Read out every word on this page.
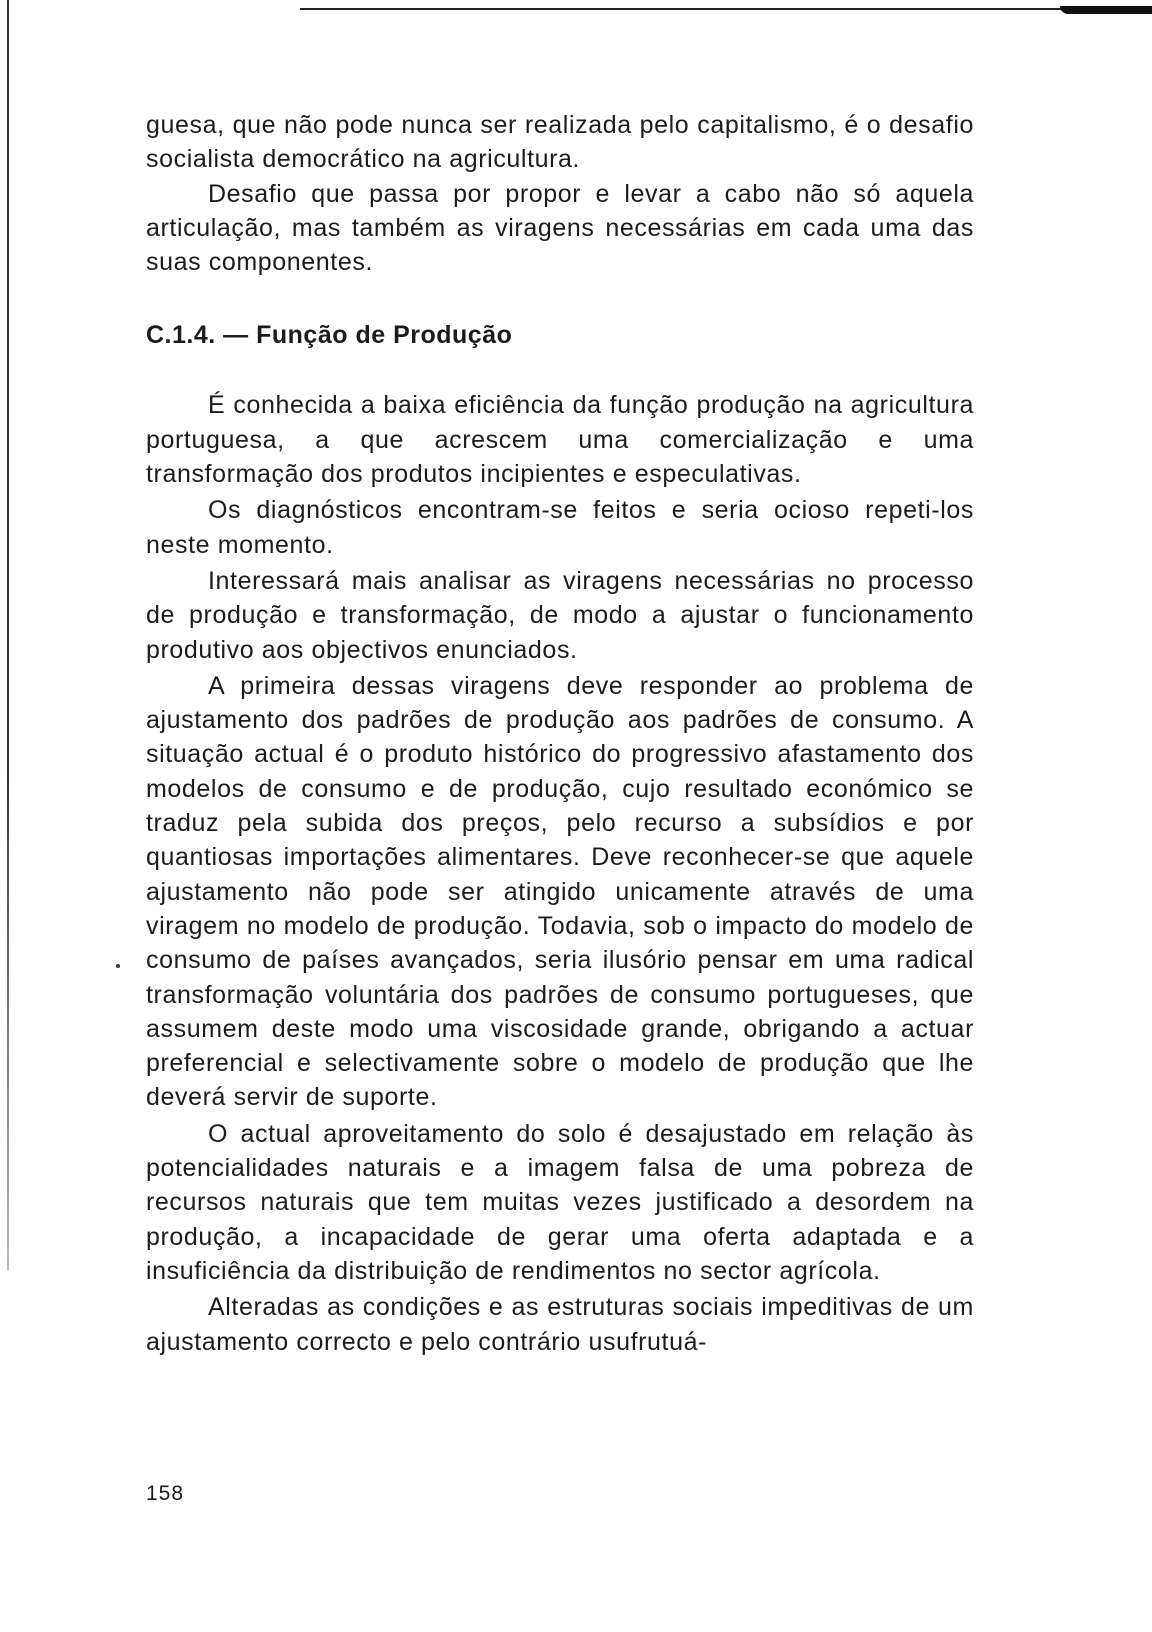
guesa, que não pode nunca ser realizada pelo capitalismo, é o desafio socialista democrático na agricultura.

Desafio que passa por propor e levar a cabo não só aquela articulação, mas também as viragens necessárias em cada uma das suas componentes.

C.1.4. — Função de Produção

É conhecida a baixa eficiência da função produção na agricultura portuguesa, a que acrescem uma comercialização e uma transformação dos produtos incipientes e especulativas.

Os diagnósticos encontram-se feitos e seria ocioso repeti-los neste momento.

Interessará mais analisar as viragens necessárias no processo de produção e transformação, de modo a ajustar o funcionamento produtivo aos objectivos enunciados.

A primeira dessas viragens deve responder ao problema de ajustamento dos padrões de produção aos padrões de consumo. A situação actual é o produto histórico do progressivo afastamento dos modelos de consumo e de produção, cujo resultado económico se traduz pela subida dos preços, pelo recurso a subsídios e por quantiosas importações alimentares. Deve reconhecer-se que aquele ajustamento não pode ser atingido unicamente através de uma viragem no modelo de produção. Todavia, sob o impacto do modelo de consumo de países avançados, seria ilusório pensar em uma radical transformação voluntária dos padrões de consumo portugueses, que assumem deste modo uma viscosidade grande, obrigando a actuar preferencial e selectivamente sobre o modelo de produção que lhe deverá servir de suporte.

O actual aproveitamento do solo é desajustado em relação às potencialidades naturais e a imagem falsa de uma pobreza de recursos naturais que tem muitas vezes justificado a desordem na produção, a incapacidade de gerar uma oferta adaptada e a insuficiência da distribuição de rendimentos no sector agrícola.

Alteradas as condições e as estruturas sociais impeditivas de um ajustamento correcto e pelo contrário usufrutuá-

158
